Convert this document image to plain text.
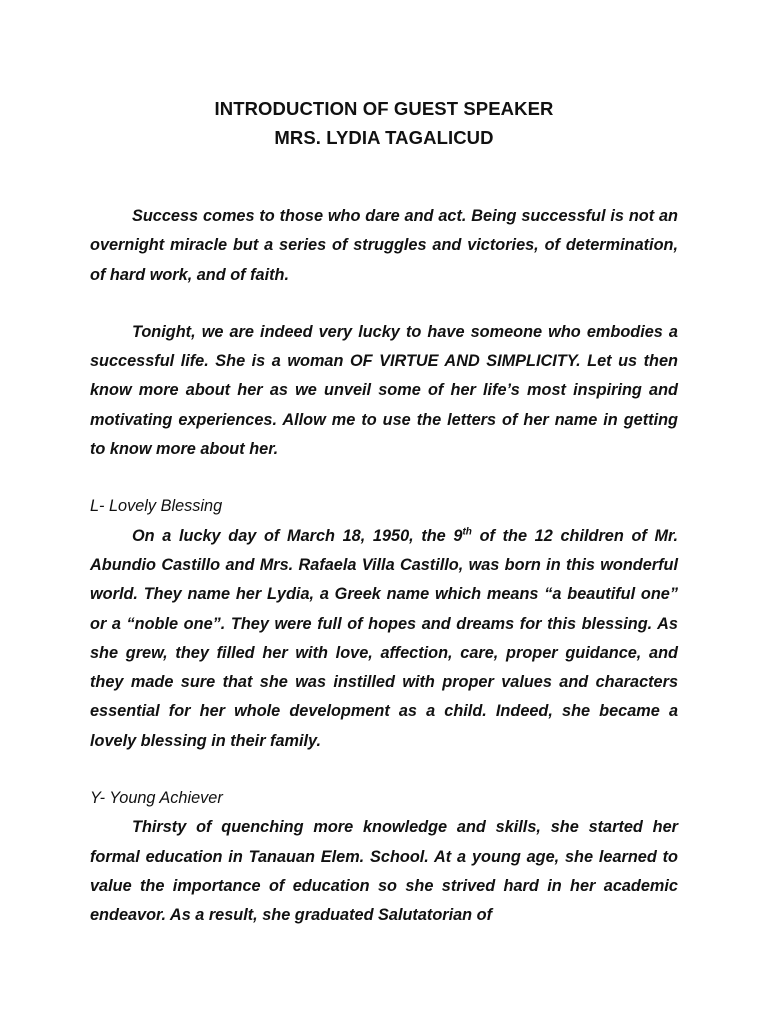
INTRODUCTION OF GUEST SPEAKER

MRS. LYDIA TAGALICUD

Success comes to those who dare and act. Being successful is not an overnight miracle but a series of struggles and victories, of determination, of hard work, and of faith.

Tonight, we are indeed very lucky to have someone who embodies a successful life. She is a woman OF VIRTUE AND SIMPLICITY. Let us then know more about her as we unveil some of her life’s most inspiring and motivating experiences. Allow me to use the letters of her name in getting to know more about her.

L- Lovely Blessing

On a lucky day of March 18, 1950, the 9th of the 12 children of Mr. Abundio Castillo and Mrs. Rafaela Villa Castillo, was born in this wonderful world. They name her Lydia, a Greek name which means “a beautiful one” or a “noble one”. They were full of hopes and dreams for this blessing. As she grew, they filled her with love, affection, care, proper guidance, and they made sure that she was instilled with proper values and characters essential for her whole development as a child. Indeed, she became a lovely blessing in their family.

Y- Young Achiever

Thirsty of quenching more knowledge and skills, she started her formal education in Tanauan Elem. School. At a young age, she learned to value the importance of education so she strived hard in her academic endeavor. As a result, she graduated Salutatorian of
